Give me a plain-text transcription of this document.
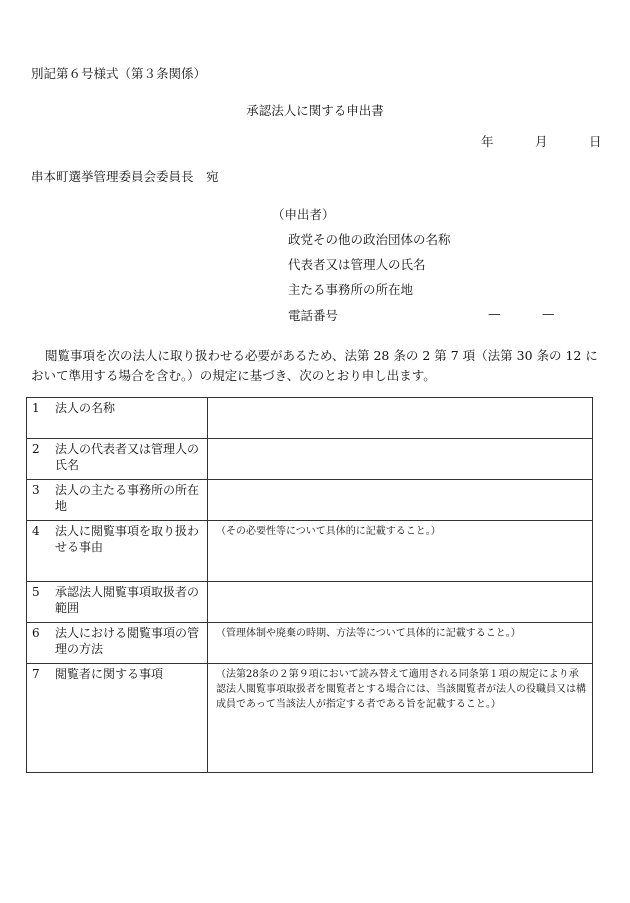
別記第６号様式（第３条関係）
承認法人に関する申出書
年	月	日
串本町選挙管理委員会委員長　宛
（申出者）
政党その他の政治団体の名称
代表者又は管理人の氏名
主たる事務所の所在地
電話番号	—	—
閲覧事項を次の法人に取り扱わせる必要があるため、法第 28 条の 2 第 7 項（法第 30 条の 12 において準用する場合を含む。）の規定に基づき、次のとおり申し出ます。
1 法人の名称	

2 法人の代表者又は管理人の氏名	

3 法人の主たる事務所の所在地	

4 法人に閲覧事項を取り扱わせる事由	（その必要性等について具体的に記載すること。）

5 承認法人閲覧事項取扱者の範囲	

6 法人における閲覧事項の管理の方法	（管理体制や廃棄の時期、方法等について具体的に記載すること。）

7 閲覧者に関する事項	（法第28条の２第９項において読み替えて適用される同条第１項の規定により承認法人閲覧事項取扱者を閲覧者とする場合には、当該閲覧者が法人の役職員又は構成員であって当該法人が指定する者である旨を記載すること。）
